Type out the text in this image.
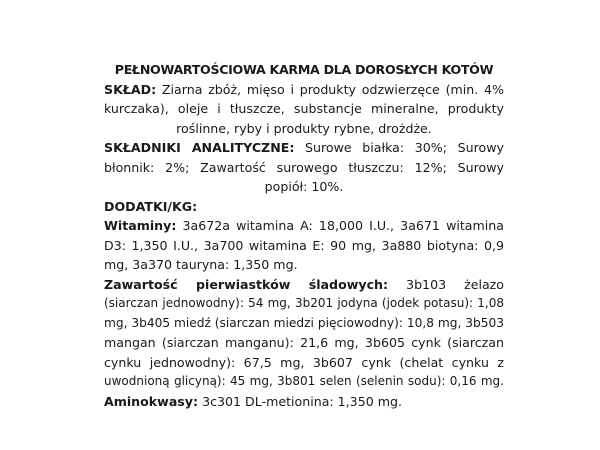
PEŁNOWARTOŚCIOWA KARMA DLA DOROSŁYCH KOTÓW
SKŁAD: Ziarna zbóż, mięso i produkty odzwierzęce (min. 4%
kurczaka), oleje i tłuszcze, substancje mineralne, produkty
roślinne, ryby i produkty rybne, drożdże.
SKŁADNIKI ANALITYCZNE: Surowe białka: 30%; Surowy
błonnik: 2%; Zawartość surowego tłuszczu: 12%; Surowy
popiół: 10%.
DODATKI/KG:
Witaminy: 3a672a witamina A: 18,000 I.U., 3a671 witamina
D3: 1,350 I.U., 3a700 witamina E: 90 mg, 3a880 biotyna: 0,9
mg, 3a370 tauryna: 1,350 mg.
Zawartość pierwiastków śladowych: 3b103 żelazo
(siarczan jednowodny): 54 mg, 3b201 jodyna (jodek potasu): 1,08
mg, 3b405 miedź (siarczan miedzi pięciowodny): 10,8 mg, 3b503
mangan (siarczan manganu): 21,6 mg, 3b605 cynk (siarczan
cynku jednowodny): 67,5 mg, 3b607 cynk (chelat cynku z
uwodnioną glicyną): 45 mg, 3b801 selen (selenin sodu): 0,16 mg.
Aminokwasy: 3c301 DL-metionina: 1,350 mg.
